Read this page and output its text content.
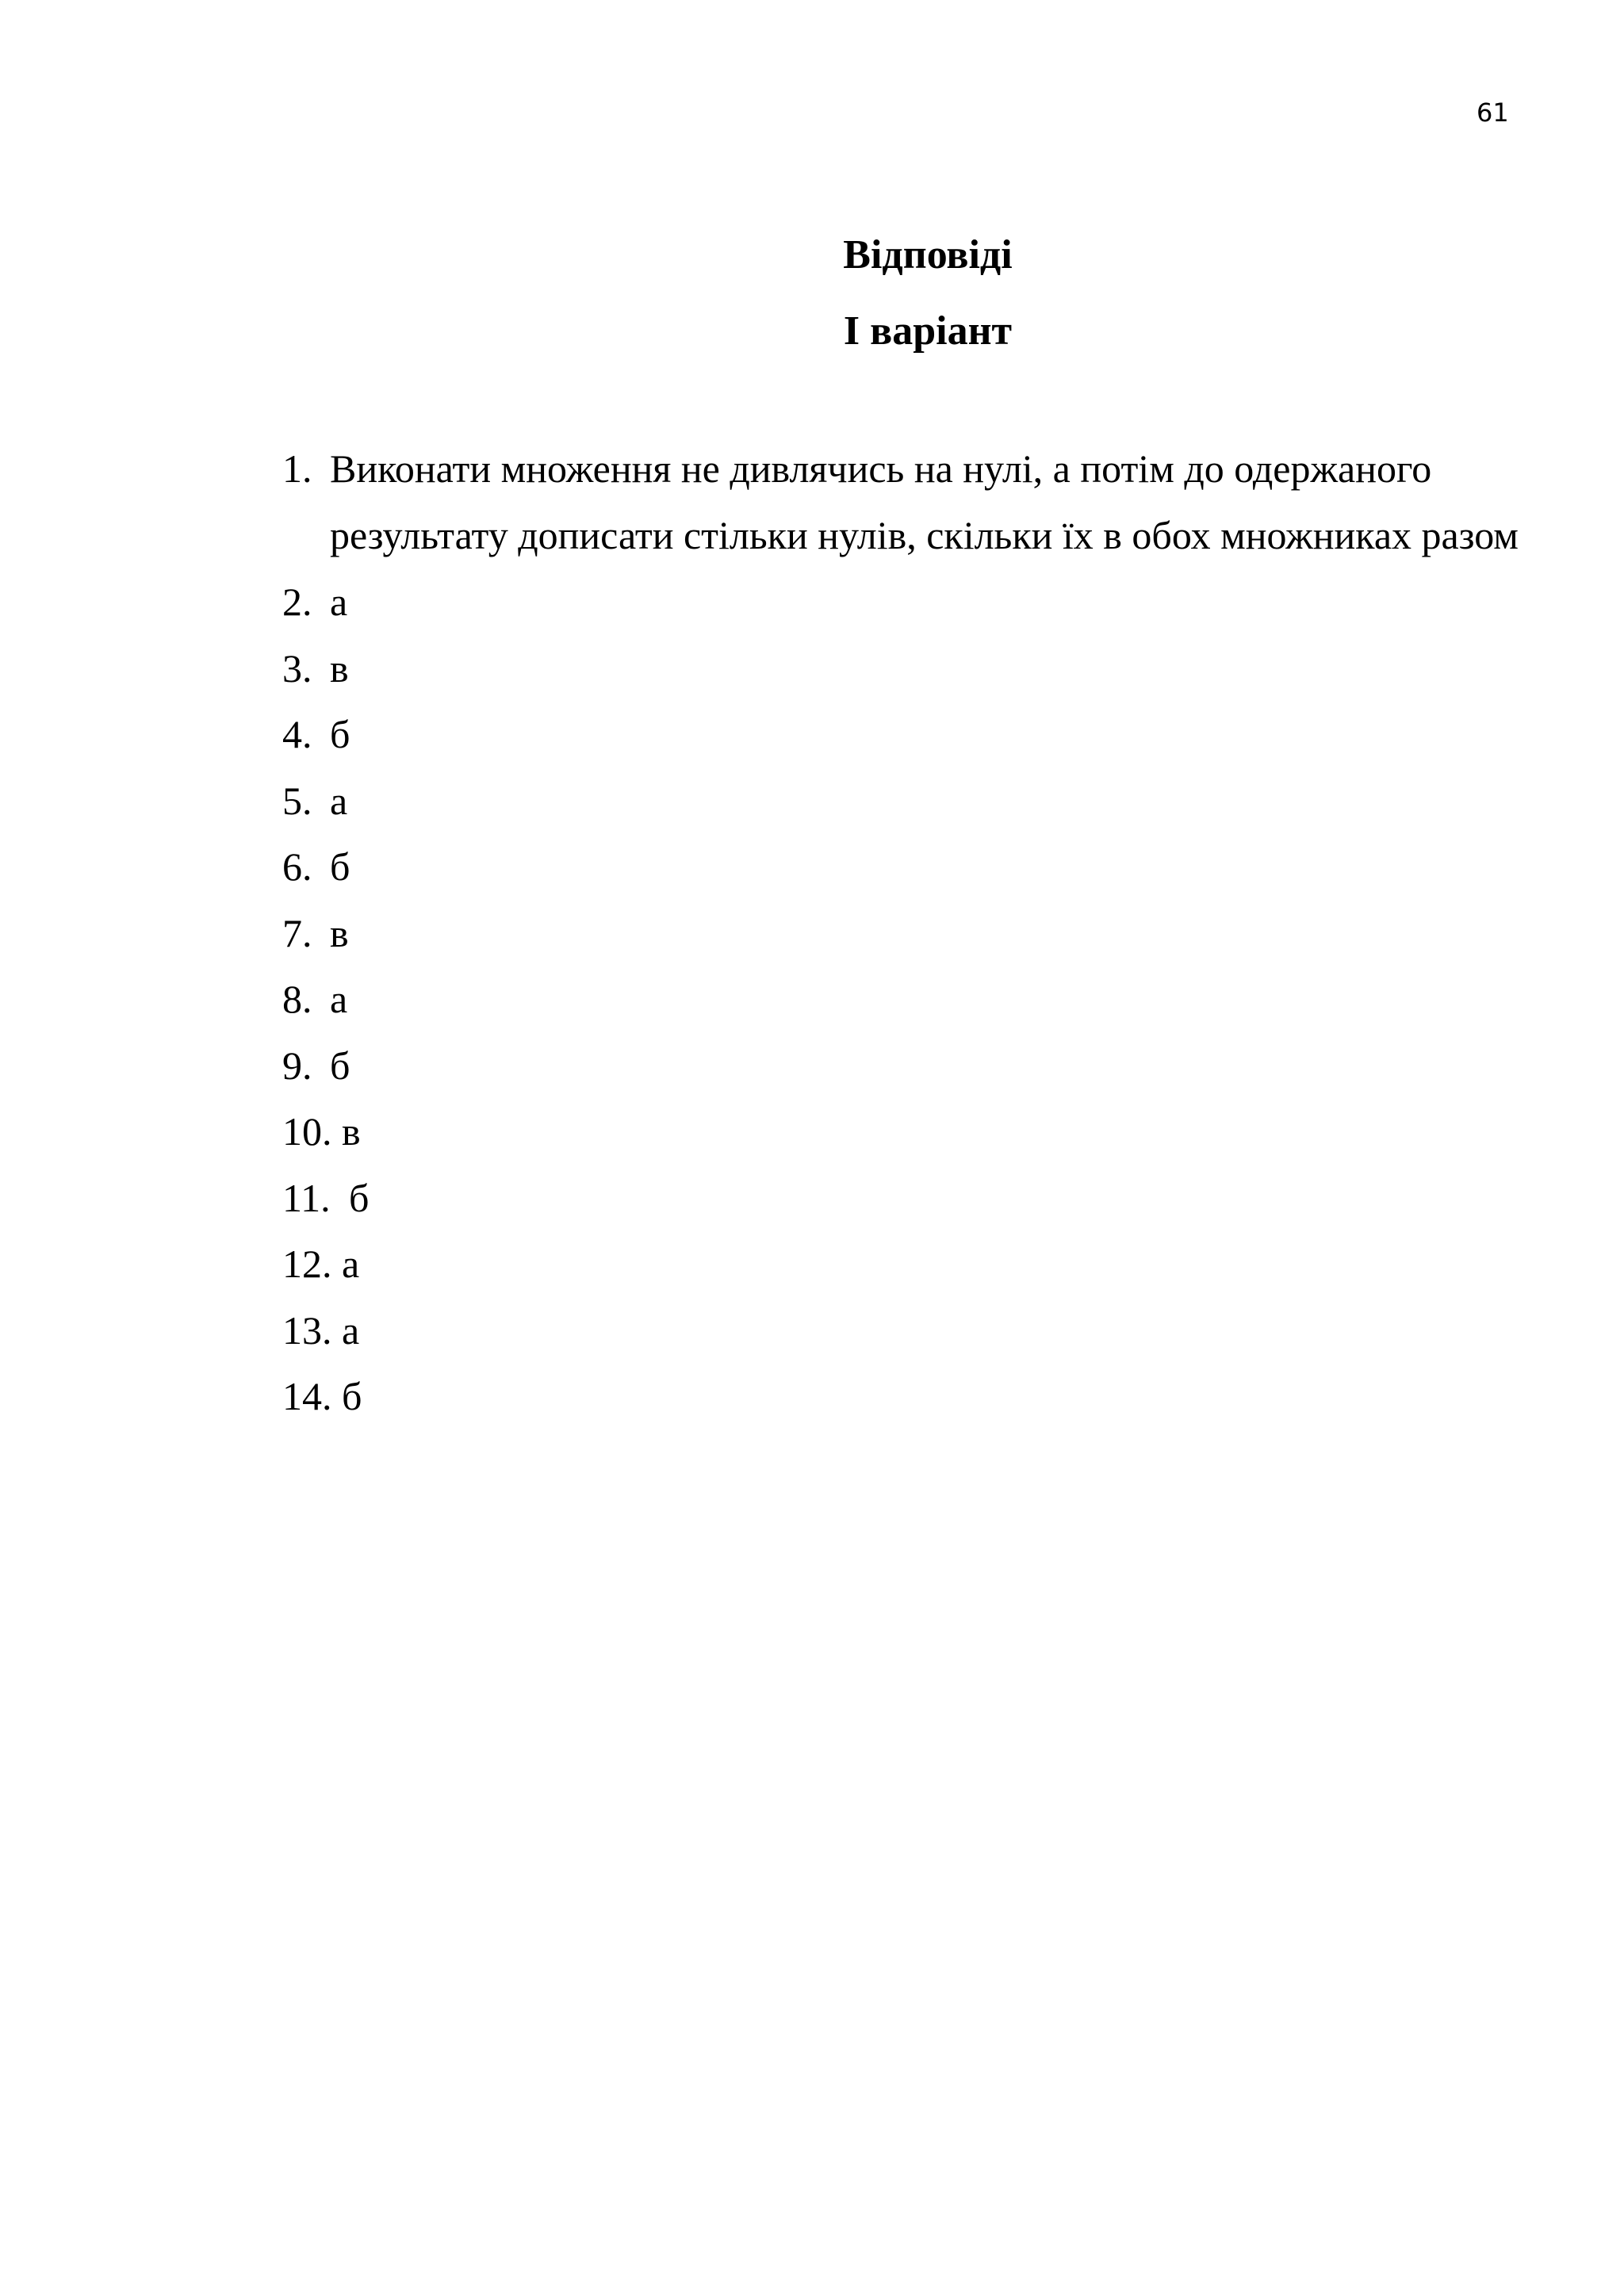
61
Відповіді
І варіант
1. Виконати множення не дивлячись на нулі, а потім до одержаного результату дописати стільки нулів, скільки їх в обох множниках разом
2. а
3. в
4. б
5. а
6. б
7. в
8. а
9. б
10. в
11. б
12. а
13. а
14. б
